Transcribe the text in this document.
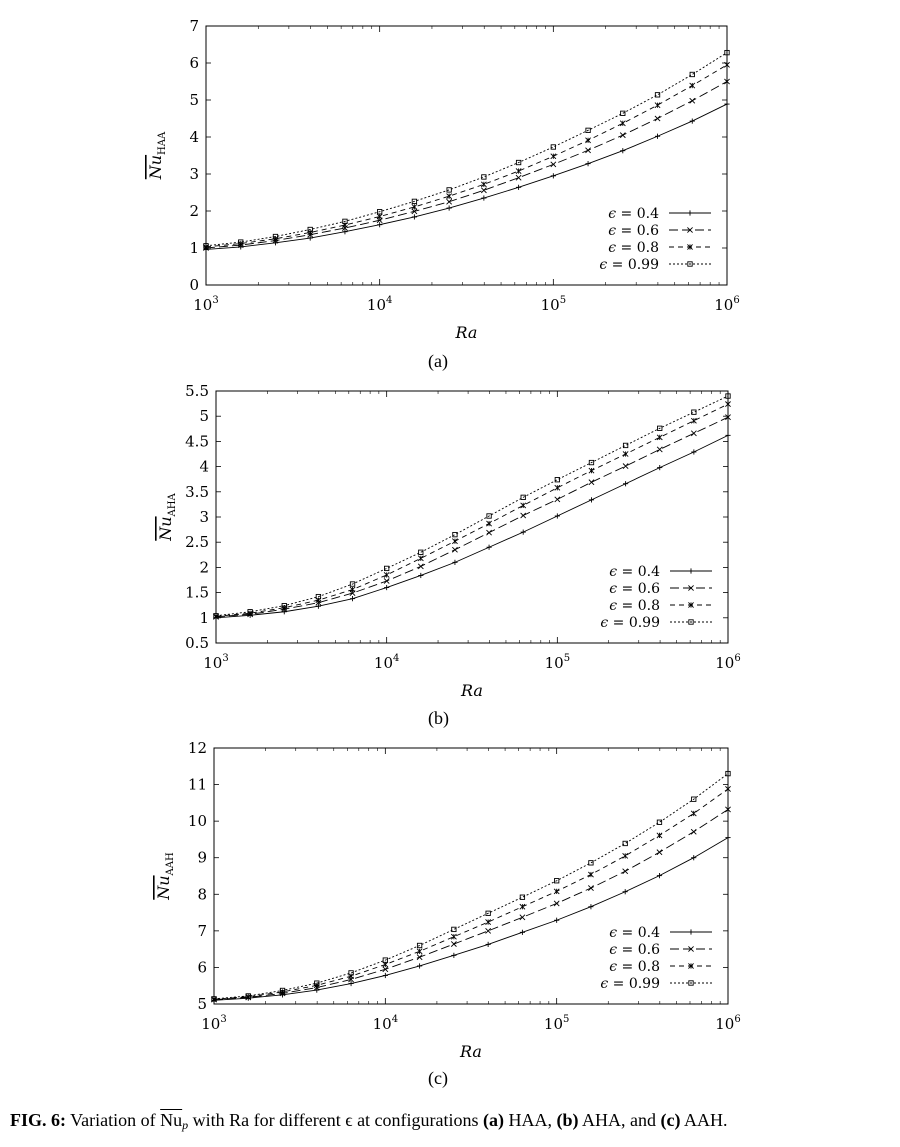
0
1
2
3
4
5
6
7
$10^3$	$10^4$	$10^5$	$10^6$
Ra
$Nu_{HAA}$
ϵ = 0.4
ϵ = 0.6
ϵ = 0.8
ϵ = 0.99
0.5
1
1.5
2
2.5
3
3.5
4
4.5
5
5.5
$10^3$	$10^4$	$10^5$	$10^6$
Ra
$Nu_{AHA}$
ϵ = 0.4
ϵ = 0.6
ϵ = 0.8
ϵ = 0.99
5
6
7
8
9
10
11
12
$10^3$	$10^4$	$10^5$	$10^6$
Ra
$Nu_{AAH}$
ϵ = 0.4
ϵ = 0.6
ϵ = 0.8
ϵ = 0.99
(a)
(b)
(c)
FIG. 6: Variation of $\overline{Nu}_p$ with Ra for different ϵ at configurations (a) HAA, (b) AHA, and (c) AAH.
